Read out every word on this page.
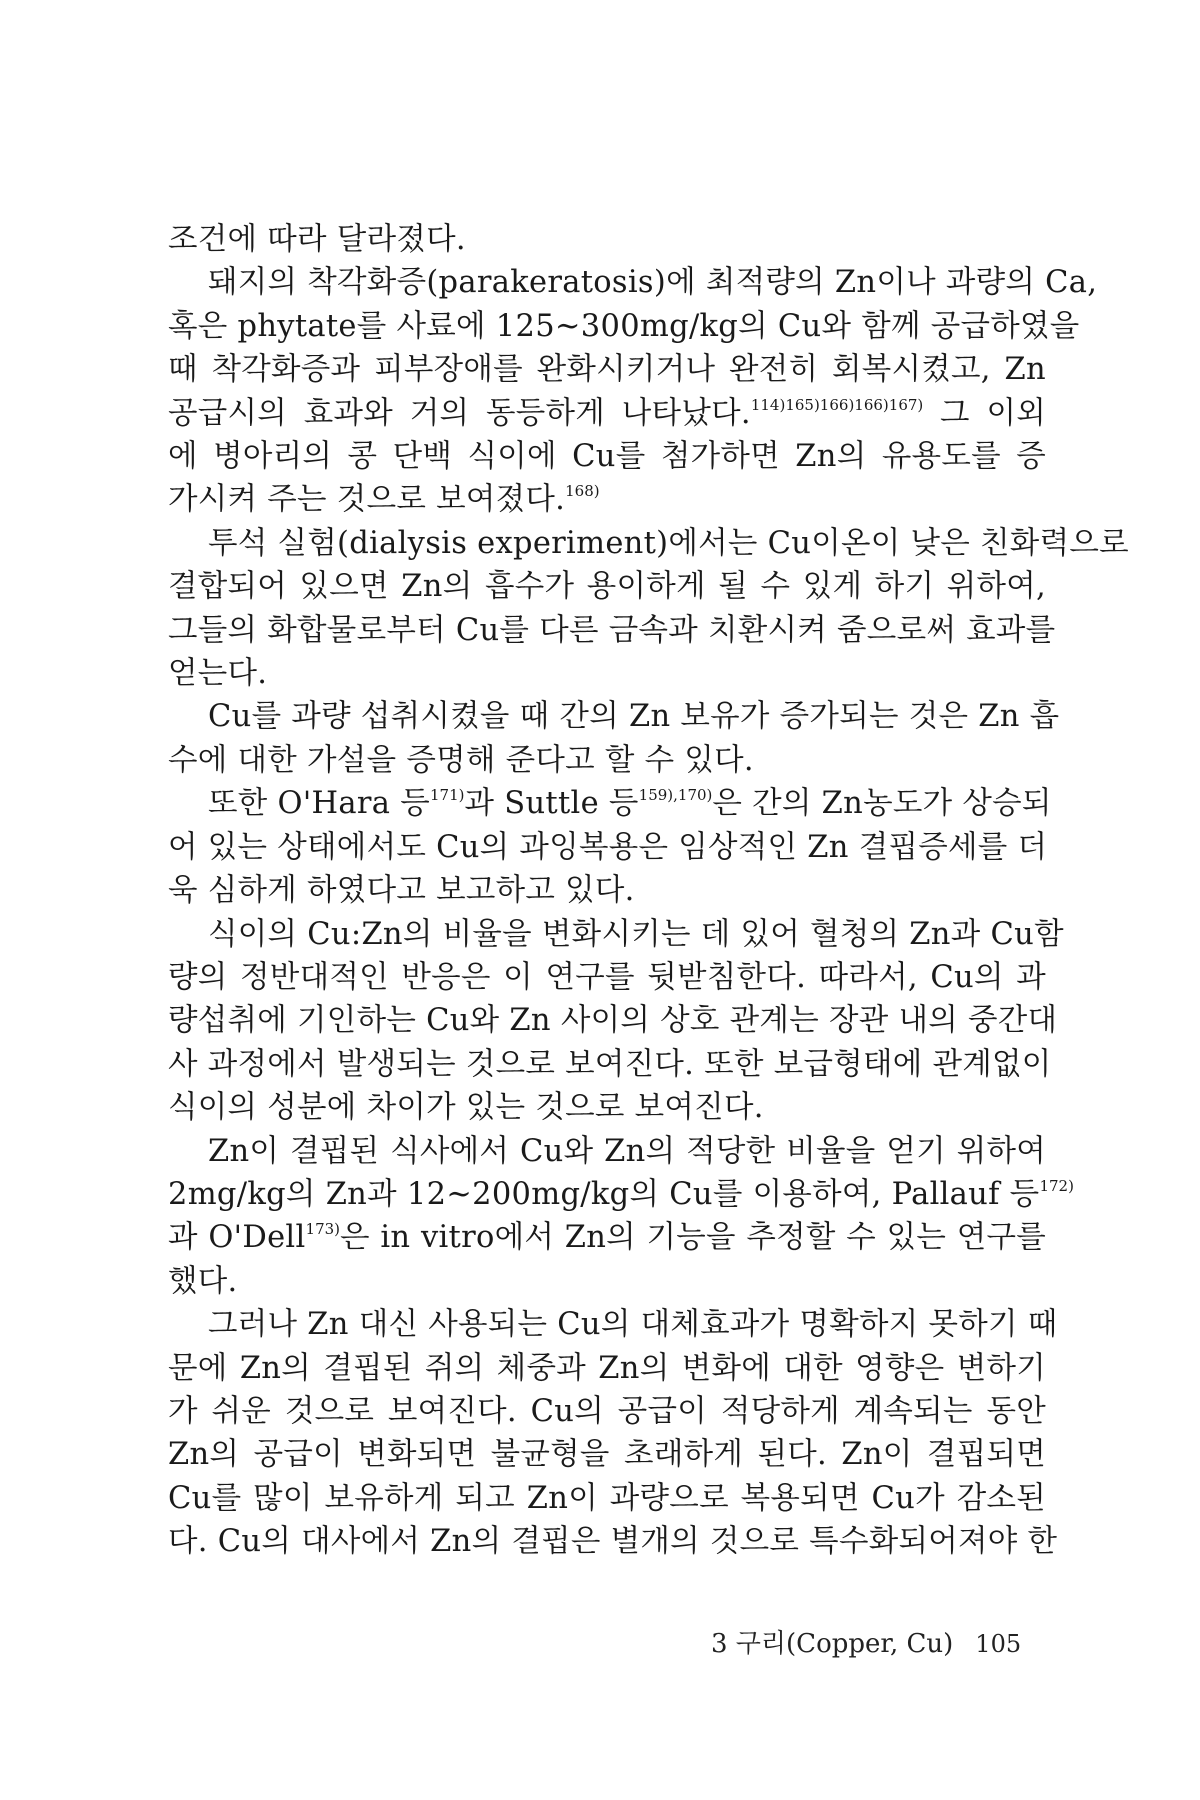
조건에 따라 달라졌다.
돼지의 착각화증(parakeratosis)에 최적량의 Zn이나 과량의 Ca,
혹은 phytate를 사료에 125~300mg/kg의 Cu와 함께 공급하였을
때 착각화증과 피부장애를 완화시키거나 완전히 회복시켰고, Zn
공급시의 효과와 거의 동등하게 나타났다.$^{114)165)166)166)167)}$ 그 이외
에 병아리의 콩 단백 식이에 Cu를 첨가하면 Zn의 유용도를 증
가시켜 주는 것으로 보여졌다.$^{168)}$
투석 실험(dialysis experiment)에서는 Cu이온이 낮은 친화력으로
결합되어 있으면 Zn의 흡수가 용이하게 될 수 있게 하기 위하여,
그들의 화합물로부터 Cu를 다른 금속과 치환시켜 줌으로써 효과를
얻는다.
Cu를 과량 섭취시켰을 때 간의 Zn 보유가 증가되는 것은 Zn 흡
수에 대한 가설을 증명해 준다고 할 수 있다.
또한 O'Hara 등$^{171)}$과 Suttle 등$^{159),170)}$은 간의 Zn농도가 상승되
어 있는 상태에서도 Cu의 과잉복용은 임상적인 Zn 결핍증세를 더
욱 심하게 하였다고 보고하고 있다.
식이의 Cu:Zn의 비율을 변화시키는 데 있어 혈청의 Zn과 Cu함
량의 정반대적인 반응은 이 연구를 뒷받침한다. 따라서, Cu의 과
량섭취에 기인하는 Cu와 Zn 사이의 상호 관계는 장관 내의 중간대
사 과정에서 발생되는 것으로 보여진다. 또한 보급형태에 관계없이
식이의 성분에 차이가 있는 것으로 보여진다.
Zn이 결핍된 식사에서 Cu와 Zn의 적당한 비율을 얻기 위하여
2mg/kg의 Zn과 12~200mg/kg의 Cu를 이용하여, Pallauf 등$^{172)}$
과 O'Dell$^{173)}$은 in vitro에서 Zn의 기능을 추정할 수 있는 연구를
했다.
그러나 Zn 대신 사용되는 Cu의 대체효과가 명확하지 못하기 때
문에 Zn의 결핍된 쥐의 체중과 Zn의 변화에 대한 영향은 변하기
가 쉬운 것으로 보여진다. Cu의 공급이 적당하게 계속되는 동안
Zn의 공급이 변화되면 불균형을 초래하게 된다. Zn이 결핍되면
Cu를 많이 보유하게 되고 Zn이 과량으로 복용되면 Cu가 감소된
다. Cu의 대사에서 Zn의 결핍은 별개의 것으로 특수화되어져야 한
3 구리(Copper, Cu) 105
